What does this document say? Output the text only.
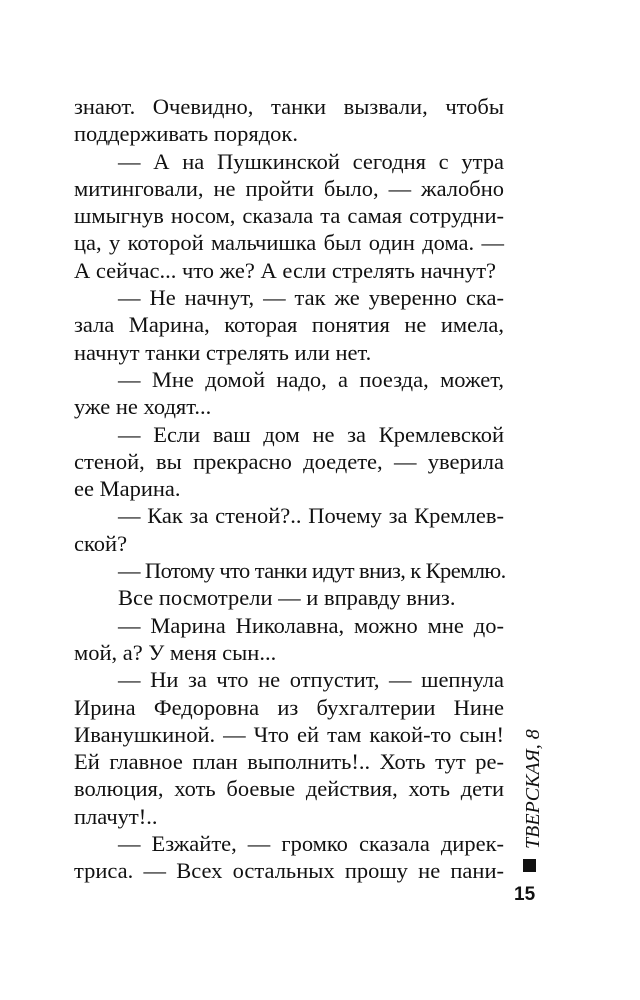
знают. Очевидно, танки вызвали, чтобы
поддерживать порядок.
— А на Пушкинской сегодня с утра
митинговали, не пройти было, — жалобно
шмыгнув носом, сказала та самая сотрудни-
ца, у которой мальчишка был один дома. —
А сейчас... что же? А если стрелять начнут?
— Не начнут, — так же уверенно ска-
зала Марина, которая понятия не имела,
начнут танки стрелять или нет.
— Мне домой надо, а поезда, может,
уже не ходят...
— Если ваш дом не за Кремлевской
стеной, вы прекрасно доедете, — уверила
ее Марина.
— Как за стеной?.. Почему за Кремлев-
ской?
— Потому что танки идут вниз, к Кремлю.
Все посмотрели — и вправду вниз.
— Марина Николавна, можно мне до-
мой, а? У меня сын...
— Ни за что не отпустит, — шепнула
Ирина Федоровна из бухгалтерии Нине
Иванушкиной. — Что ей там какой-то сын!
Ей главное план выполнить!.. Хоть тут ре-
волюция, хоть боевые действия, хоть дети
плачут!..
— Езжайте, — громко сказала дирек-
триса. — Всех остальных прошу не пани-
ТВЕРСКАЯ, 8
15
